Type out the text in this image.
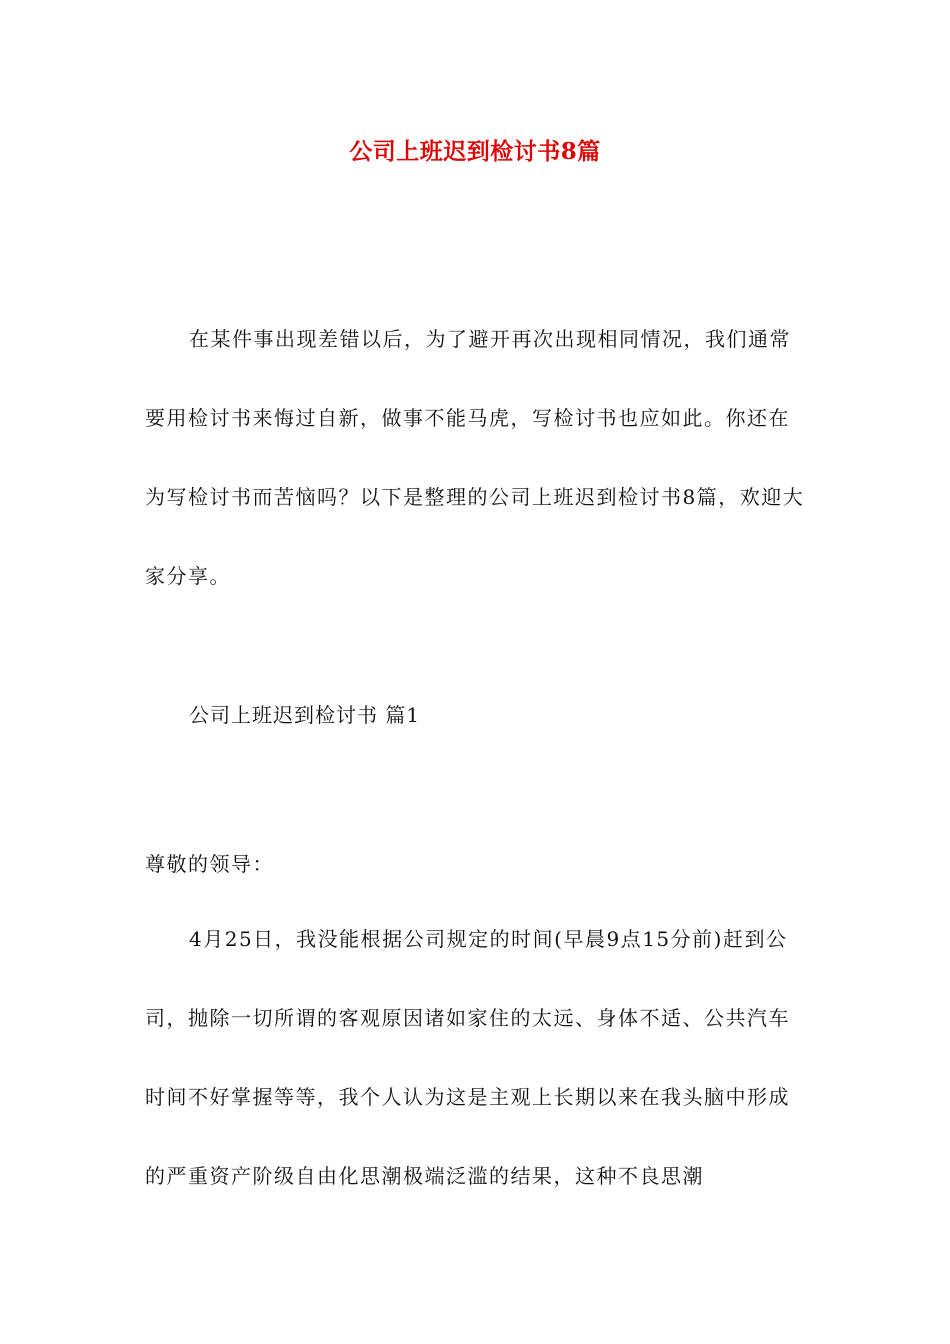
公司上班迟到检讨书8篇
在某件事出现差错以后，为了避开再次出现相同情况，我们通常要用检讨书来悔过自新，做事不能马虎，写检讨书也应如此。你还在为写检讨书而苦恼吗？以下是整理的公司上班迟到检讨书8篇，欢迎大家分享。
公司上班迟到检讨书 篇1
尊敬的领导：
4月25日，我没能根据公司规定的时间(早晨9点15分前)赶到公司，抛除一切所谓的客观原因诸如家住的太远、身体不适、公共汽车时间不好掌握等等，我个人认为这是主观上长期以来在我头脑中形成的严重资产阶级自由化思潮极端泛滥的结果，这种不良思潮
